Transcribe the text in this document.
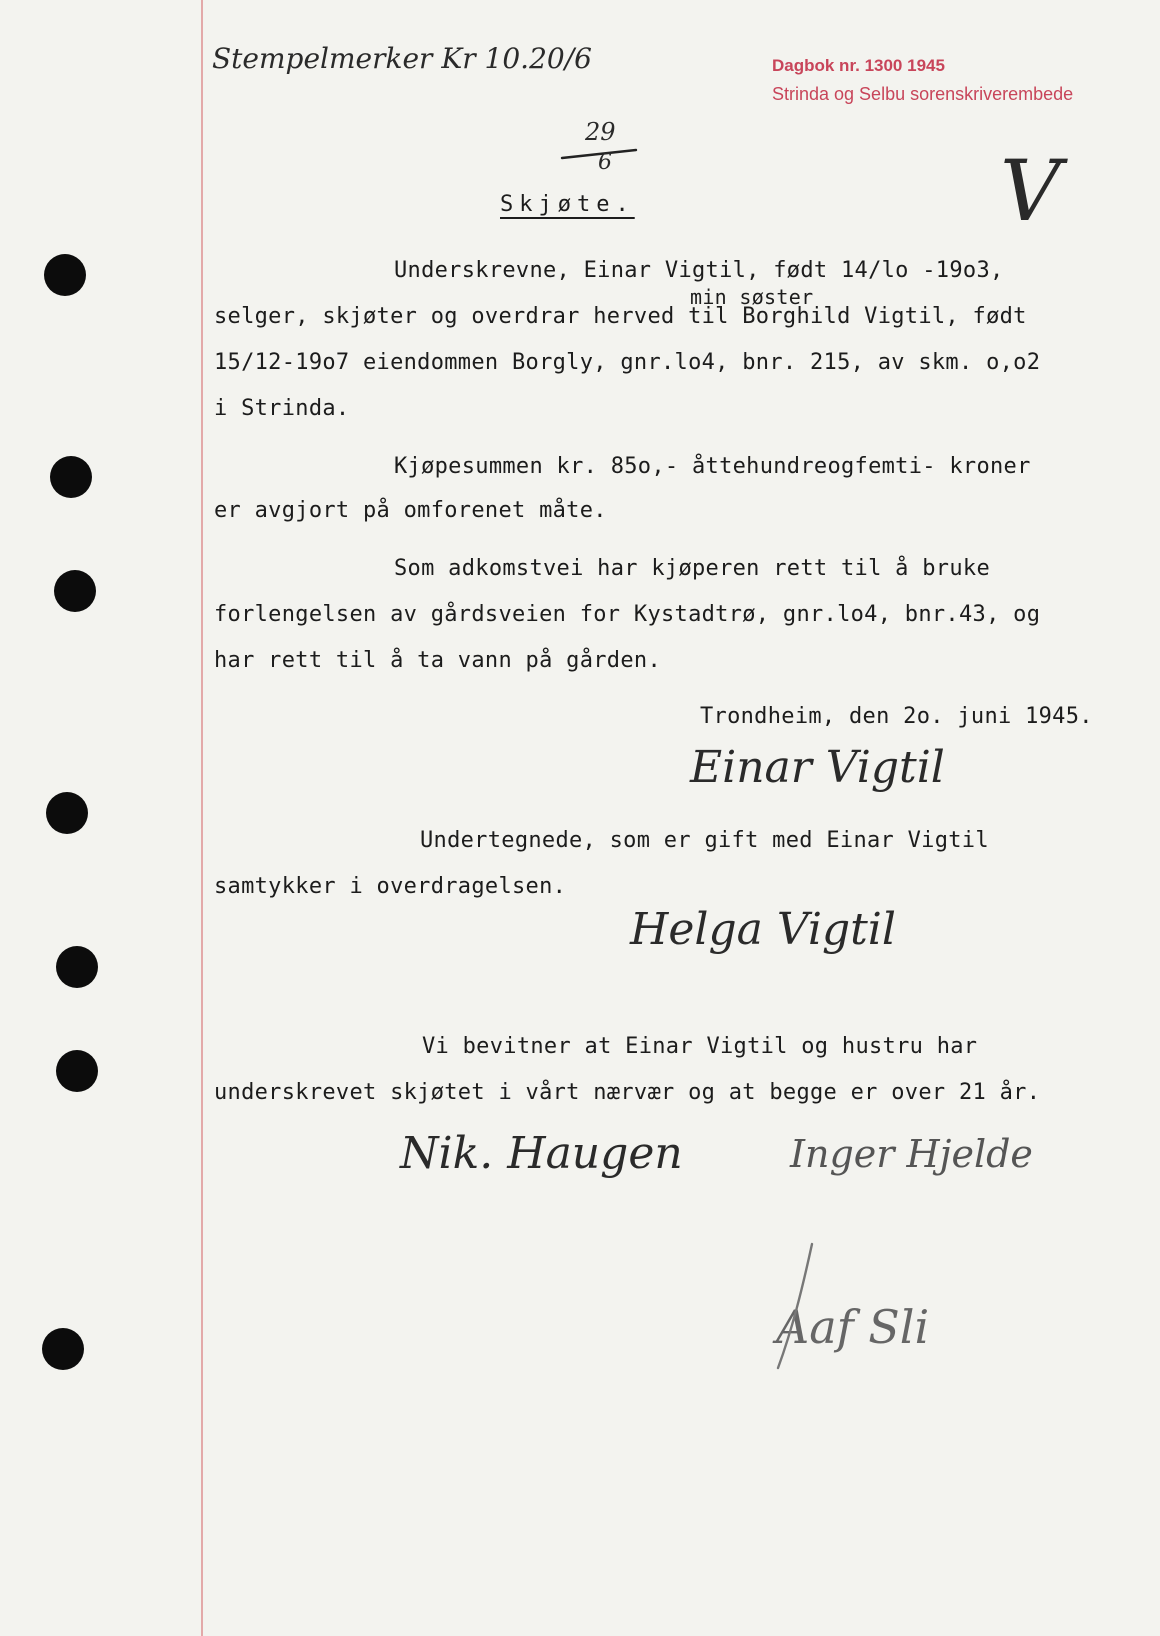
Stempelmerker Kr 10.20/6	Dagbok nr. 1300 1945
Strinda og Selbu sorenskriverembede
29
6	V
Skjøte.
Underskrevne, Einar Vigtil, født 14/lo -19o3,
min søster
selger, skjøter og overdrar herved til Borghild Vigtil, født
15/12-19o7 eiendommen Borgly, gnr.lo4, bnr. 215, av skm. o,o2
i Strinda.
Kjøpesummen kr. 85o,- åttehundreogfemti- kroner
er avgjort på omforenet måte.
Som adkomstvei har kjøperen rett til å bruke
forlengelsen av gårdsveien for Kystadtrø, gnr.lo4, bnr.43, og
har rett til å ta vann på gården.
Trondheim, den 2o. juni 1945.
Einar Vigtil
Undertegnede, som er gift med Einar Vigtil
samtykker i overdragelsen.
Helga Vigtil
Vi bevitner at Einar Vigtil og hustru har
underskrevet skjøtet i vårt nærvær og at begge er over 21 år.
Nik. Haugen	Inger Hjelde
Aaf Sli
